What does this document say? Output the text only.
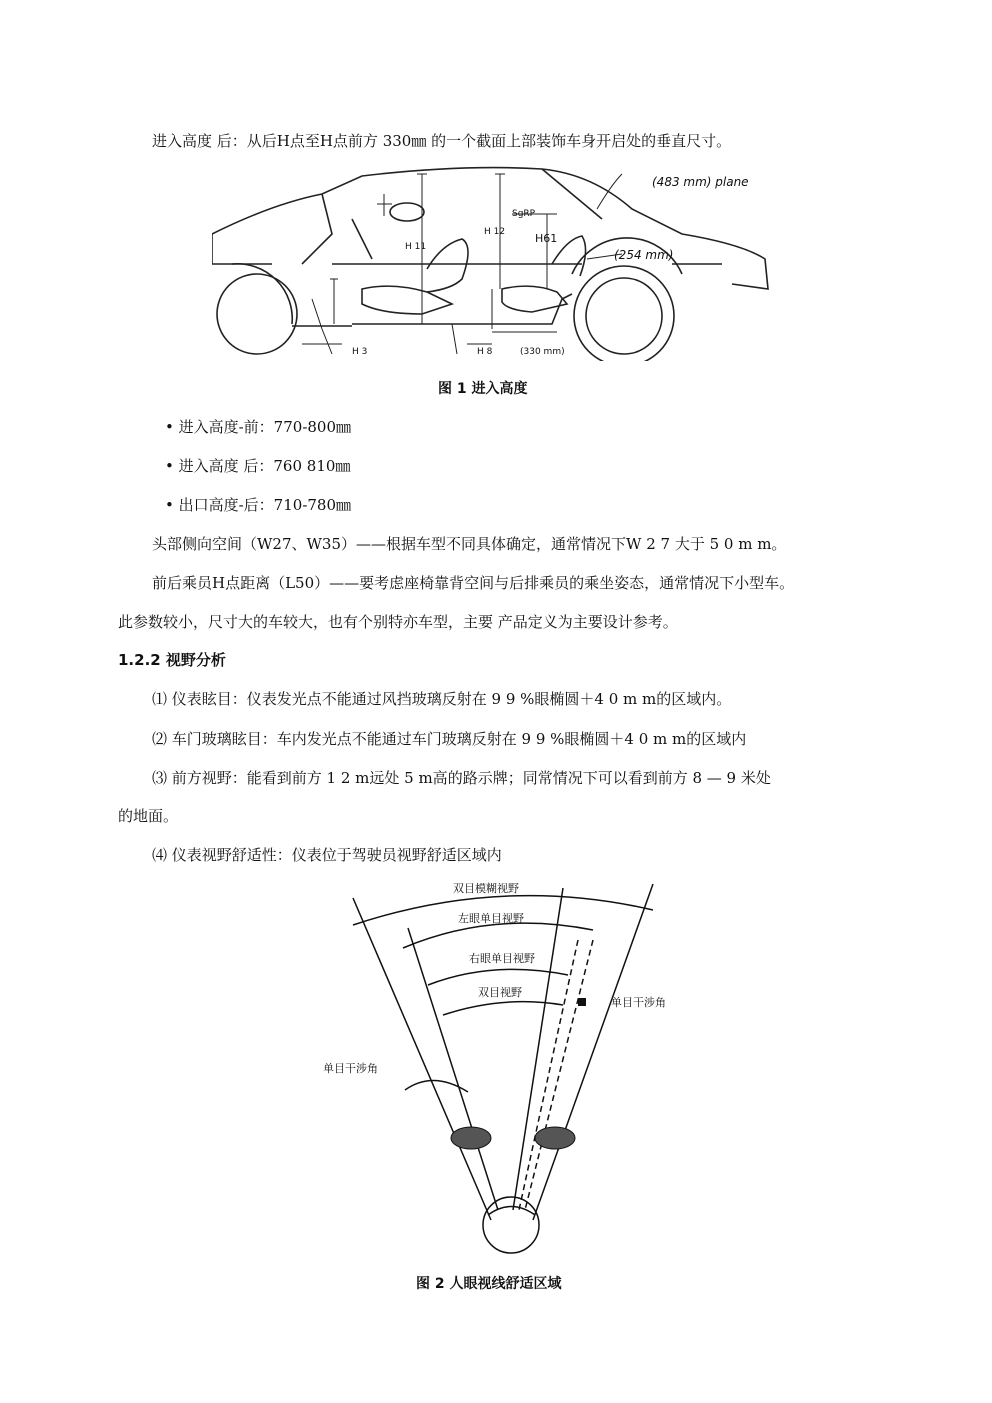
进入高度 后：从后H点至H点前方 330㎜ 的一个截面上部装饰车身开启处的垂直尺寸。
(483 mm) plane
SgRP
H 11
H 12	H61
(254 mm)
H 3	H 8	(330 mm)
图 1 进入高度
• 进入高度-前：770-800㎜
• 进入高度 后：760 810㎜
• 出口高度-后：710-780㎜
头部侧向空间（W27、W35）——根据车型不同具体确定，通常情况下W 2 7 大于 5 0 m m。
前后乘员H点距离（L50）——要考虑座椅靠背空间与后排乘员的乘坐姿态，通常情况下小型车。
此参数较小，尺寸大的车较大，也有个别特亦车型，主要 产品定义为主要设计参考。
1.2.2 视野分析
⑴ 仪表眩目：仪表发光点不能通过风挡玻璃反射在 9 9 %眼椭圆＋4 0 m m的区域内。
⑵ 车门玻璃眩目：车内发光点不能通过车门玻璃反射在 9 9 %眼椭圆＋4 0 m m的区域内
⑶ 前方视野：能看到前方 1 2 m远处 5 m高的路示牌；同常情况下可以看到前方 8 — 9 米处
的地面。
⑷ 仪表视野舒适性：仪表位于驾驶员视野舒适区域内
双目模糊视野
左眼单目视野
右眼单目视野
双目视野
单目干涉角
单目干涉角
图 2 人眼视线舒适区域
